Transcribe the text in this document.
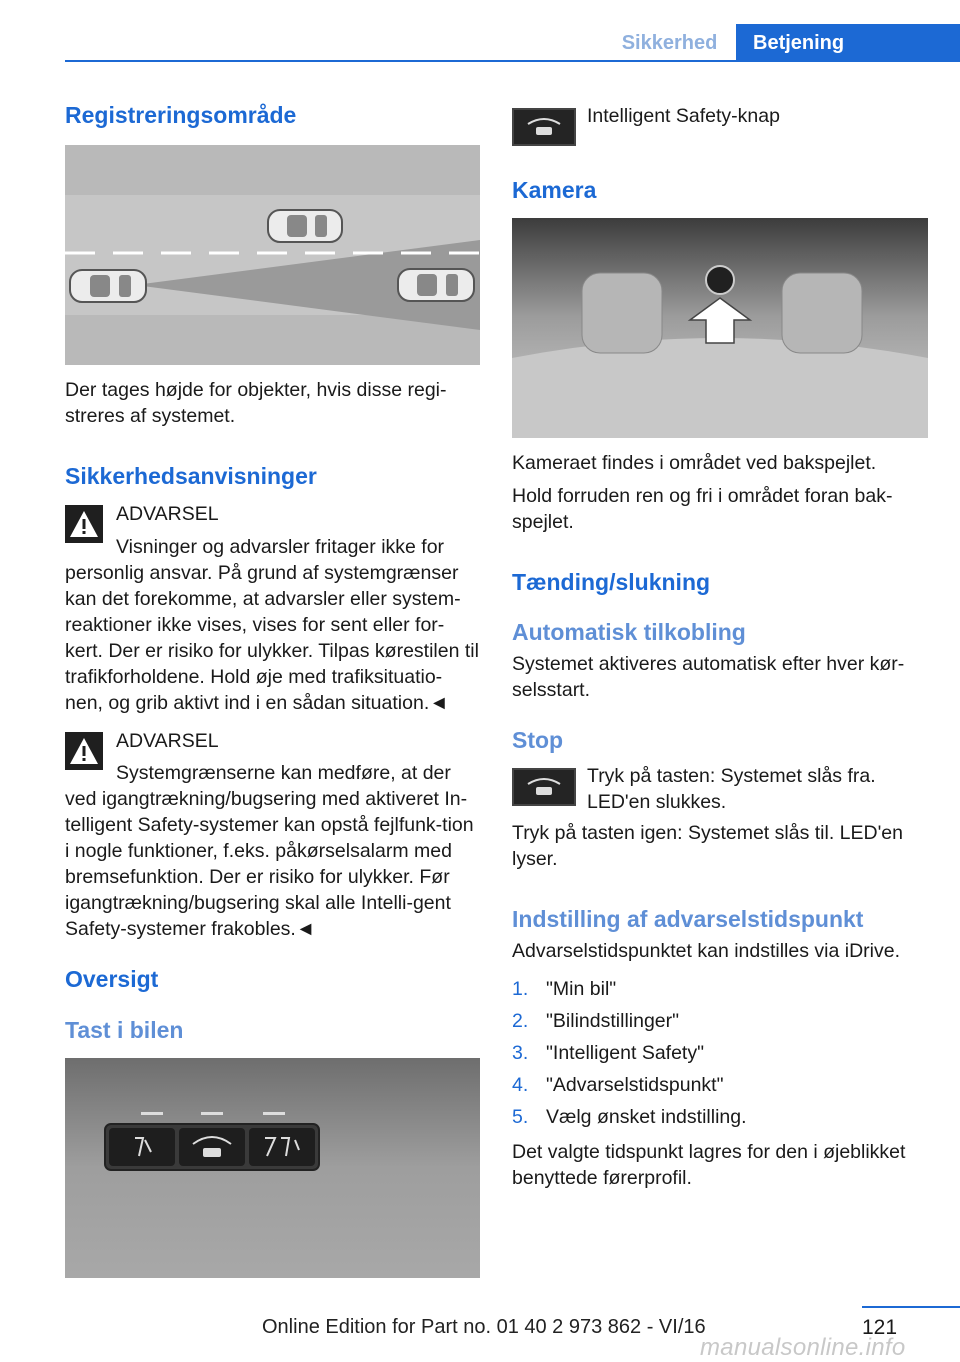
Sikkerhed	Betjening
Registreringsområde
Der tages højde for objekter, hvis disse regi-streres af systemet.
Sikkerhedsanvisninger
ADVARSEL
Visninger og advarsler fritager ikke for personlig ansvar. På grund af systemgrænser kan det forekomme, at advarsler eller system-reaktioner ikke vises, vises for sent eller for-kert. Der er risiko for ulykker. Tilpas kørestilen til trafikforholdene. Hold øje med trafiksituatio-nen, og grib aktivt ind i en sådan situation.◄
ADVARSEL
Systemgrænserne kan medføre, at der ved igangtrækning/bugsering med aktiveret In-telligent Safety-systemer kan opstå fejlfunk-tion i nogle funktioner, f.eks. påkørselsalarm med bremsefunktion. Der er risiko for ulykker. Før igangtrækning/bugsering skal alle Intelli-gent Safety-systemer frakobles.◄
Oversigt
Tast i bilen
Intelligent Safety-knap
Kamera
Kameraet findes i området ved bakspejlet.
Hold forruden ren og fri i området foran bak-spejlet.
Tænding/slukning
Automatisk tilkobling
Systemet aktiveres automatisk efter hver kør-selsstart.
Stop
Tryk på tasten: Systemet slås fra. LED'en slukkes.
Tryk på tasten igen: Systemet slås til. LED'en lyser.
Indstilling af advarselstidspunkt
Advarselstidspunktet kan indstilles via iDrive.
1. "Min bil"
2. "Bilindstillinger"
3. "Intelligent Safety"
4. "Advarselstidspunkt"
5. Vælg ønsket indstilling.
Det valgte tidspunkt lagres for den i øjeblikket benyttede førerprofil.
121
Online Edition for Part no. 01 40 2 973 862 - VI/16
manualsonline.info
